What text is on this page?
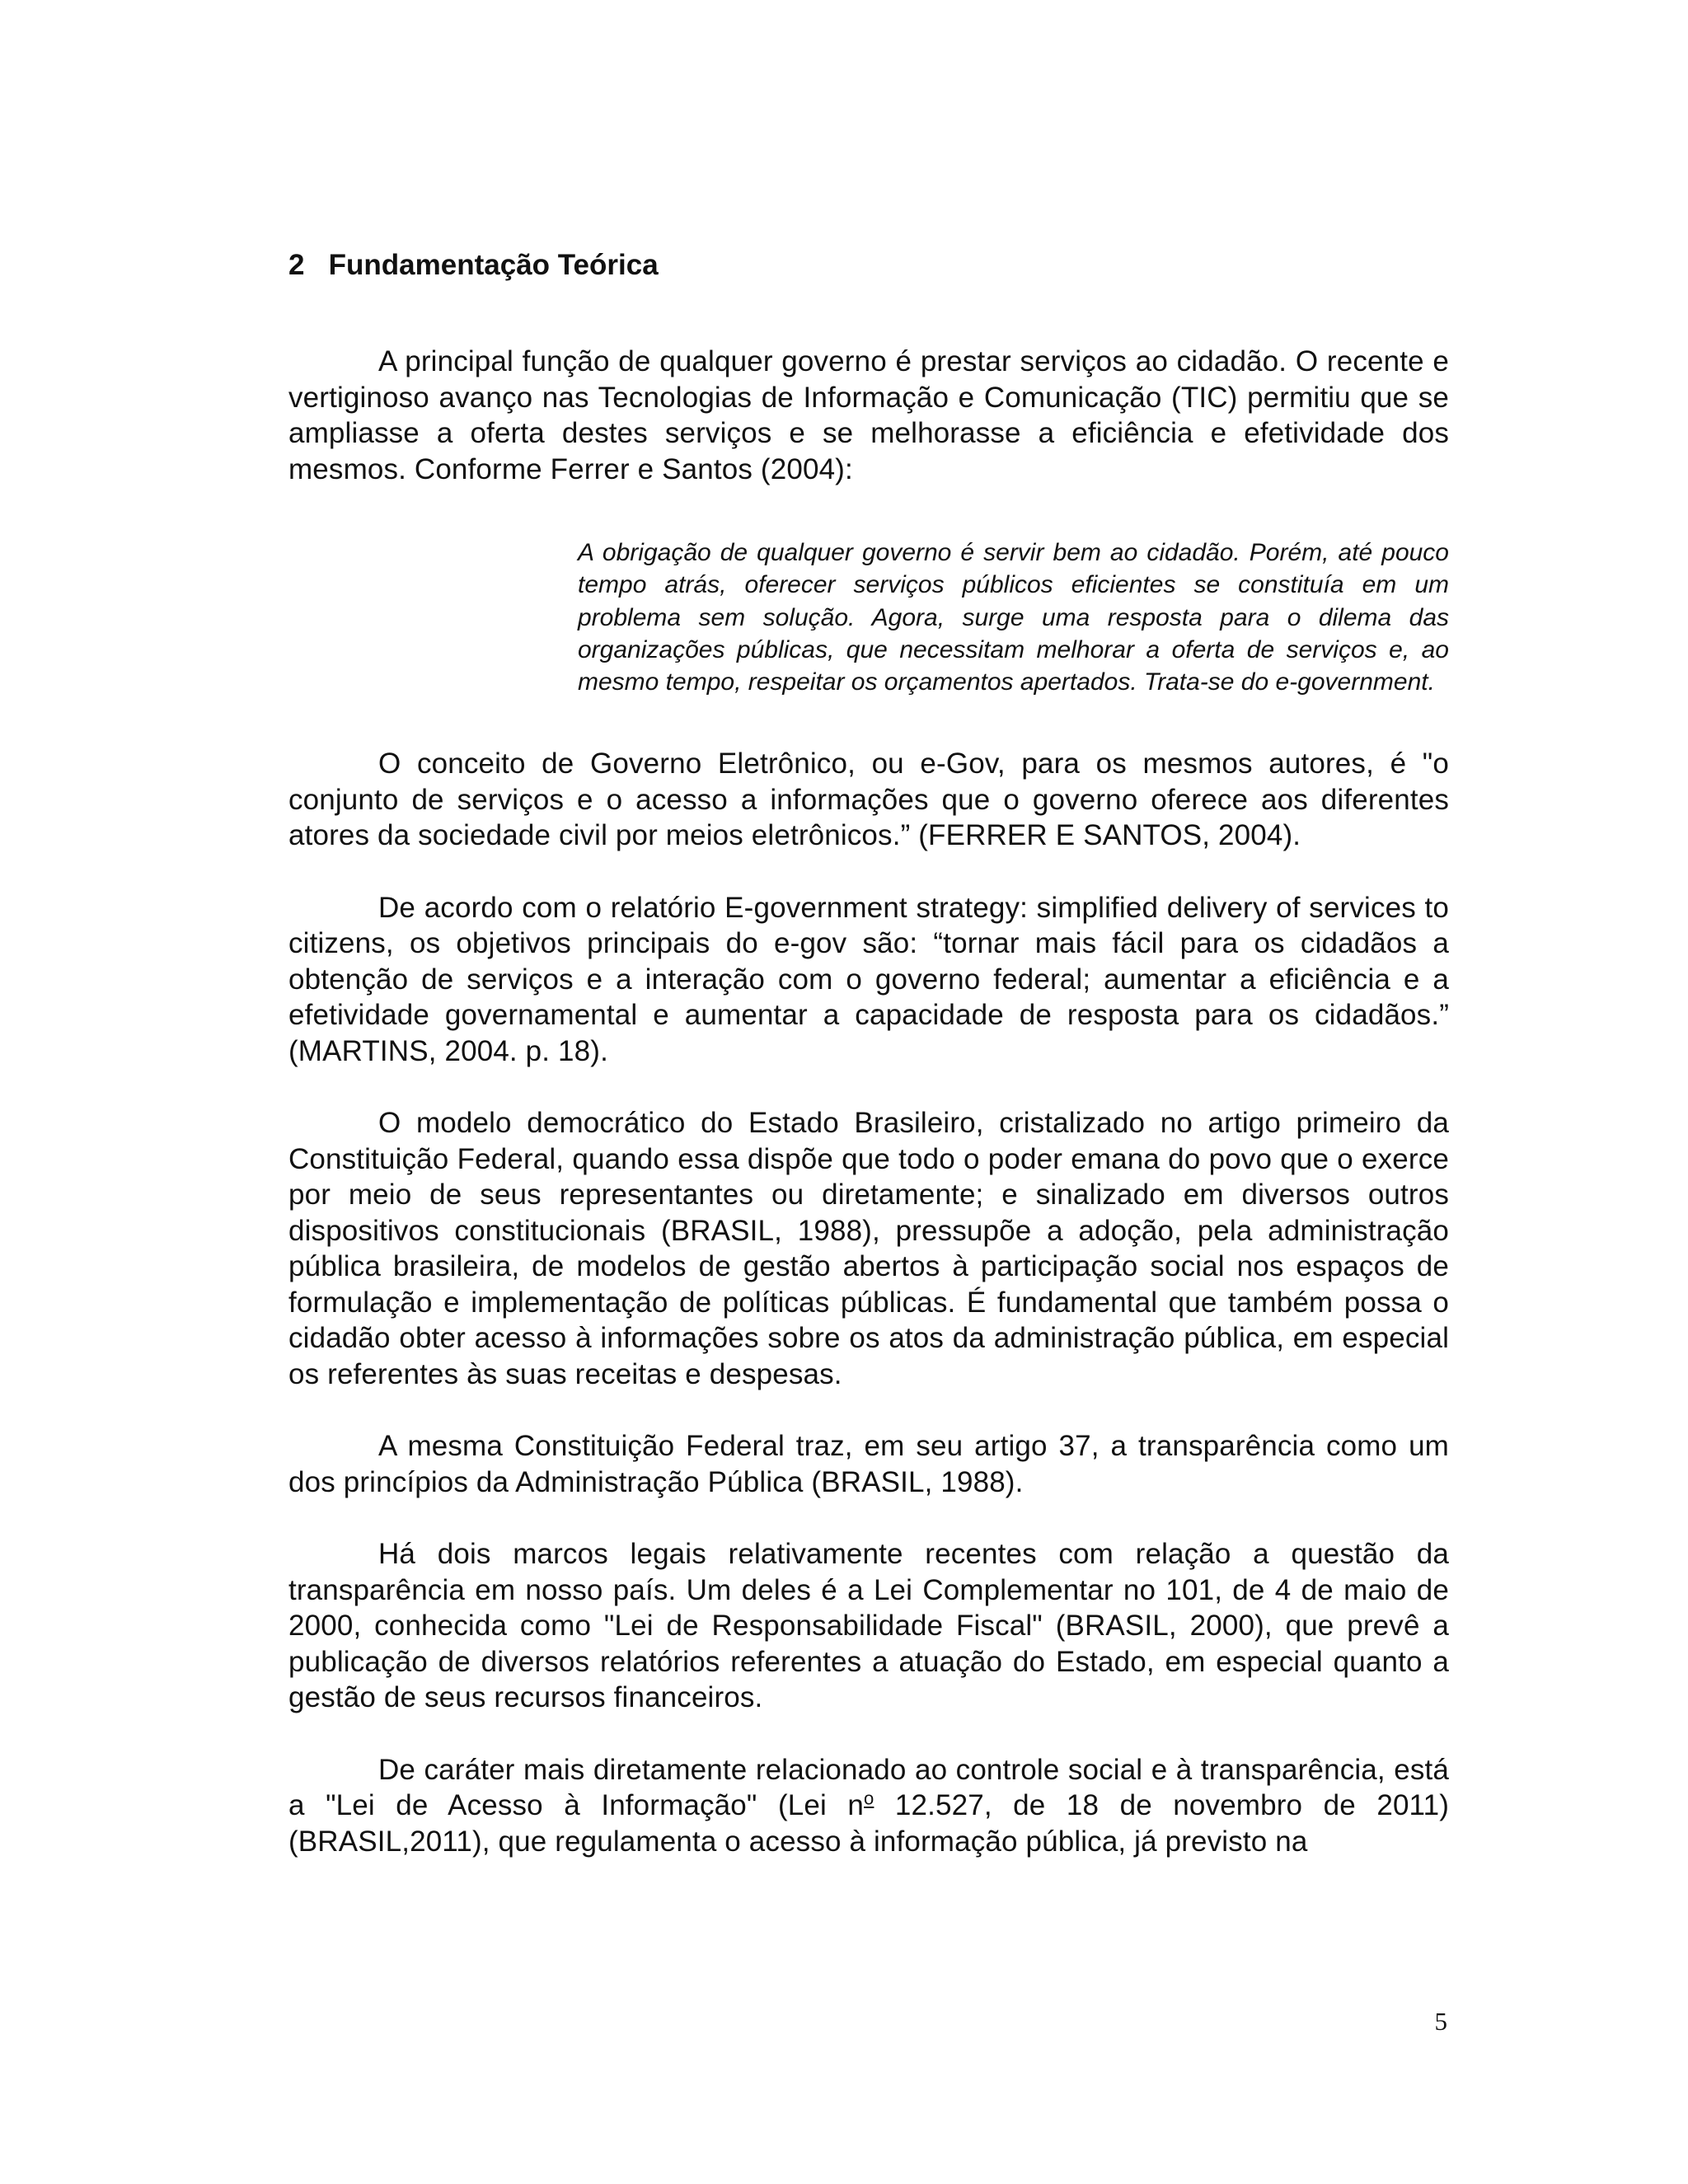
2 Fundamentação Teórica

A principal função de qualquer governo é prestar serviços ao cidadão. O recente e vertiginoso avanço nas Tecnologias de Informação e Comunicação (TIC) permitiu que se ampliasse a oferta destes serviços e se melhorasse a eficiência e efetividade dos mesmos. Conforme Ferrer e Santos (2004):

A obrigação de qualquer governo é servir bem ao cidadão. Porém, até pouco tempo atrás, oferecer serviços públicos eficientes se constituía em um problema sem solução. Agora, surge uma resposta para o dilema das organizações públicas, que necessitam melhorar a oferta de serviços e, ao mesmo tempo, respeitar os orçamentos apertados. Trata-se do e-government.

O conceito de Governo Eletrônico, ou e-Gov, para os mesmos autores, é "o conjunto de serviços e o acesso a informações que o governo oferece aos diferentes atores da sociedade civil por meios eletrônicos.” (FERRER E SANTOS, 2004).

De acordo com o relatório E-government strategy: simplified delivery of services to citizens, os objetivos principais do e-gov são: “tornar mais fácil para os cidadãos a obtenção de serviços e a interação com o governo federal; aumentar a eficiência e a efetividade governamental e aumentar a capacidade de resposta para os cidadãos.” (MARTINS, 2004. p. 18).

O modelo democrático do Estado Brasileiro, cristalizado no artigo primeiro da Constituição Federal, quando essa dispõe que todo o poder emana do povo que o exerce por meio de seus representantes ou diretamente; e sinalizado em diversos outros dispositivos constitucionais (BRASIL, 1988), pressupõe a adoção, pela administração pública brasileira, de modelos de gestão abertos à participação social nos espaços de formulação e implementação de políticas públicas. É fundamental que também possa o cidadão obter acesso à informações sobre os atos da administração pública, em especial os referentes às suas receitas e despesas.

A mesma Constituição Federal traz, em seu artigo 37, a transparência como um dos princípios da Administração Pública (BRASIL, 1988).

Há dois marcos legais relativamente recentes com relação a questão da transparência em nosso país. Um deles é a Lei Complementar no 101, de 4 de maio de 2000, conhecida como "Lei de Responsabilidade Fiscal" (BRASIL, 2000), que prevê a publicação de diversos relatórios referentes a atuação do Estado, em especial quanto a gestão de seus recursos financeiros.

De caráter mais diretamente relacionado ao controle social e à transparência, está a "Lei de Acesso à Informação" (Lei $n^o$ 12.527, de 18 de novembro de 2011) (BRASIL,2011), que regulamenta o acesso à informação pública, já previsto na

5
